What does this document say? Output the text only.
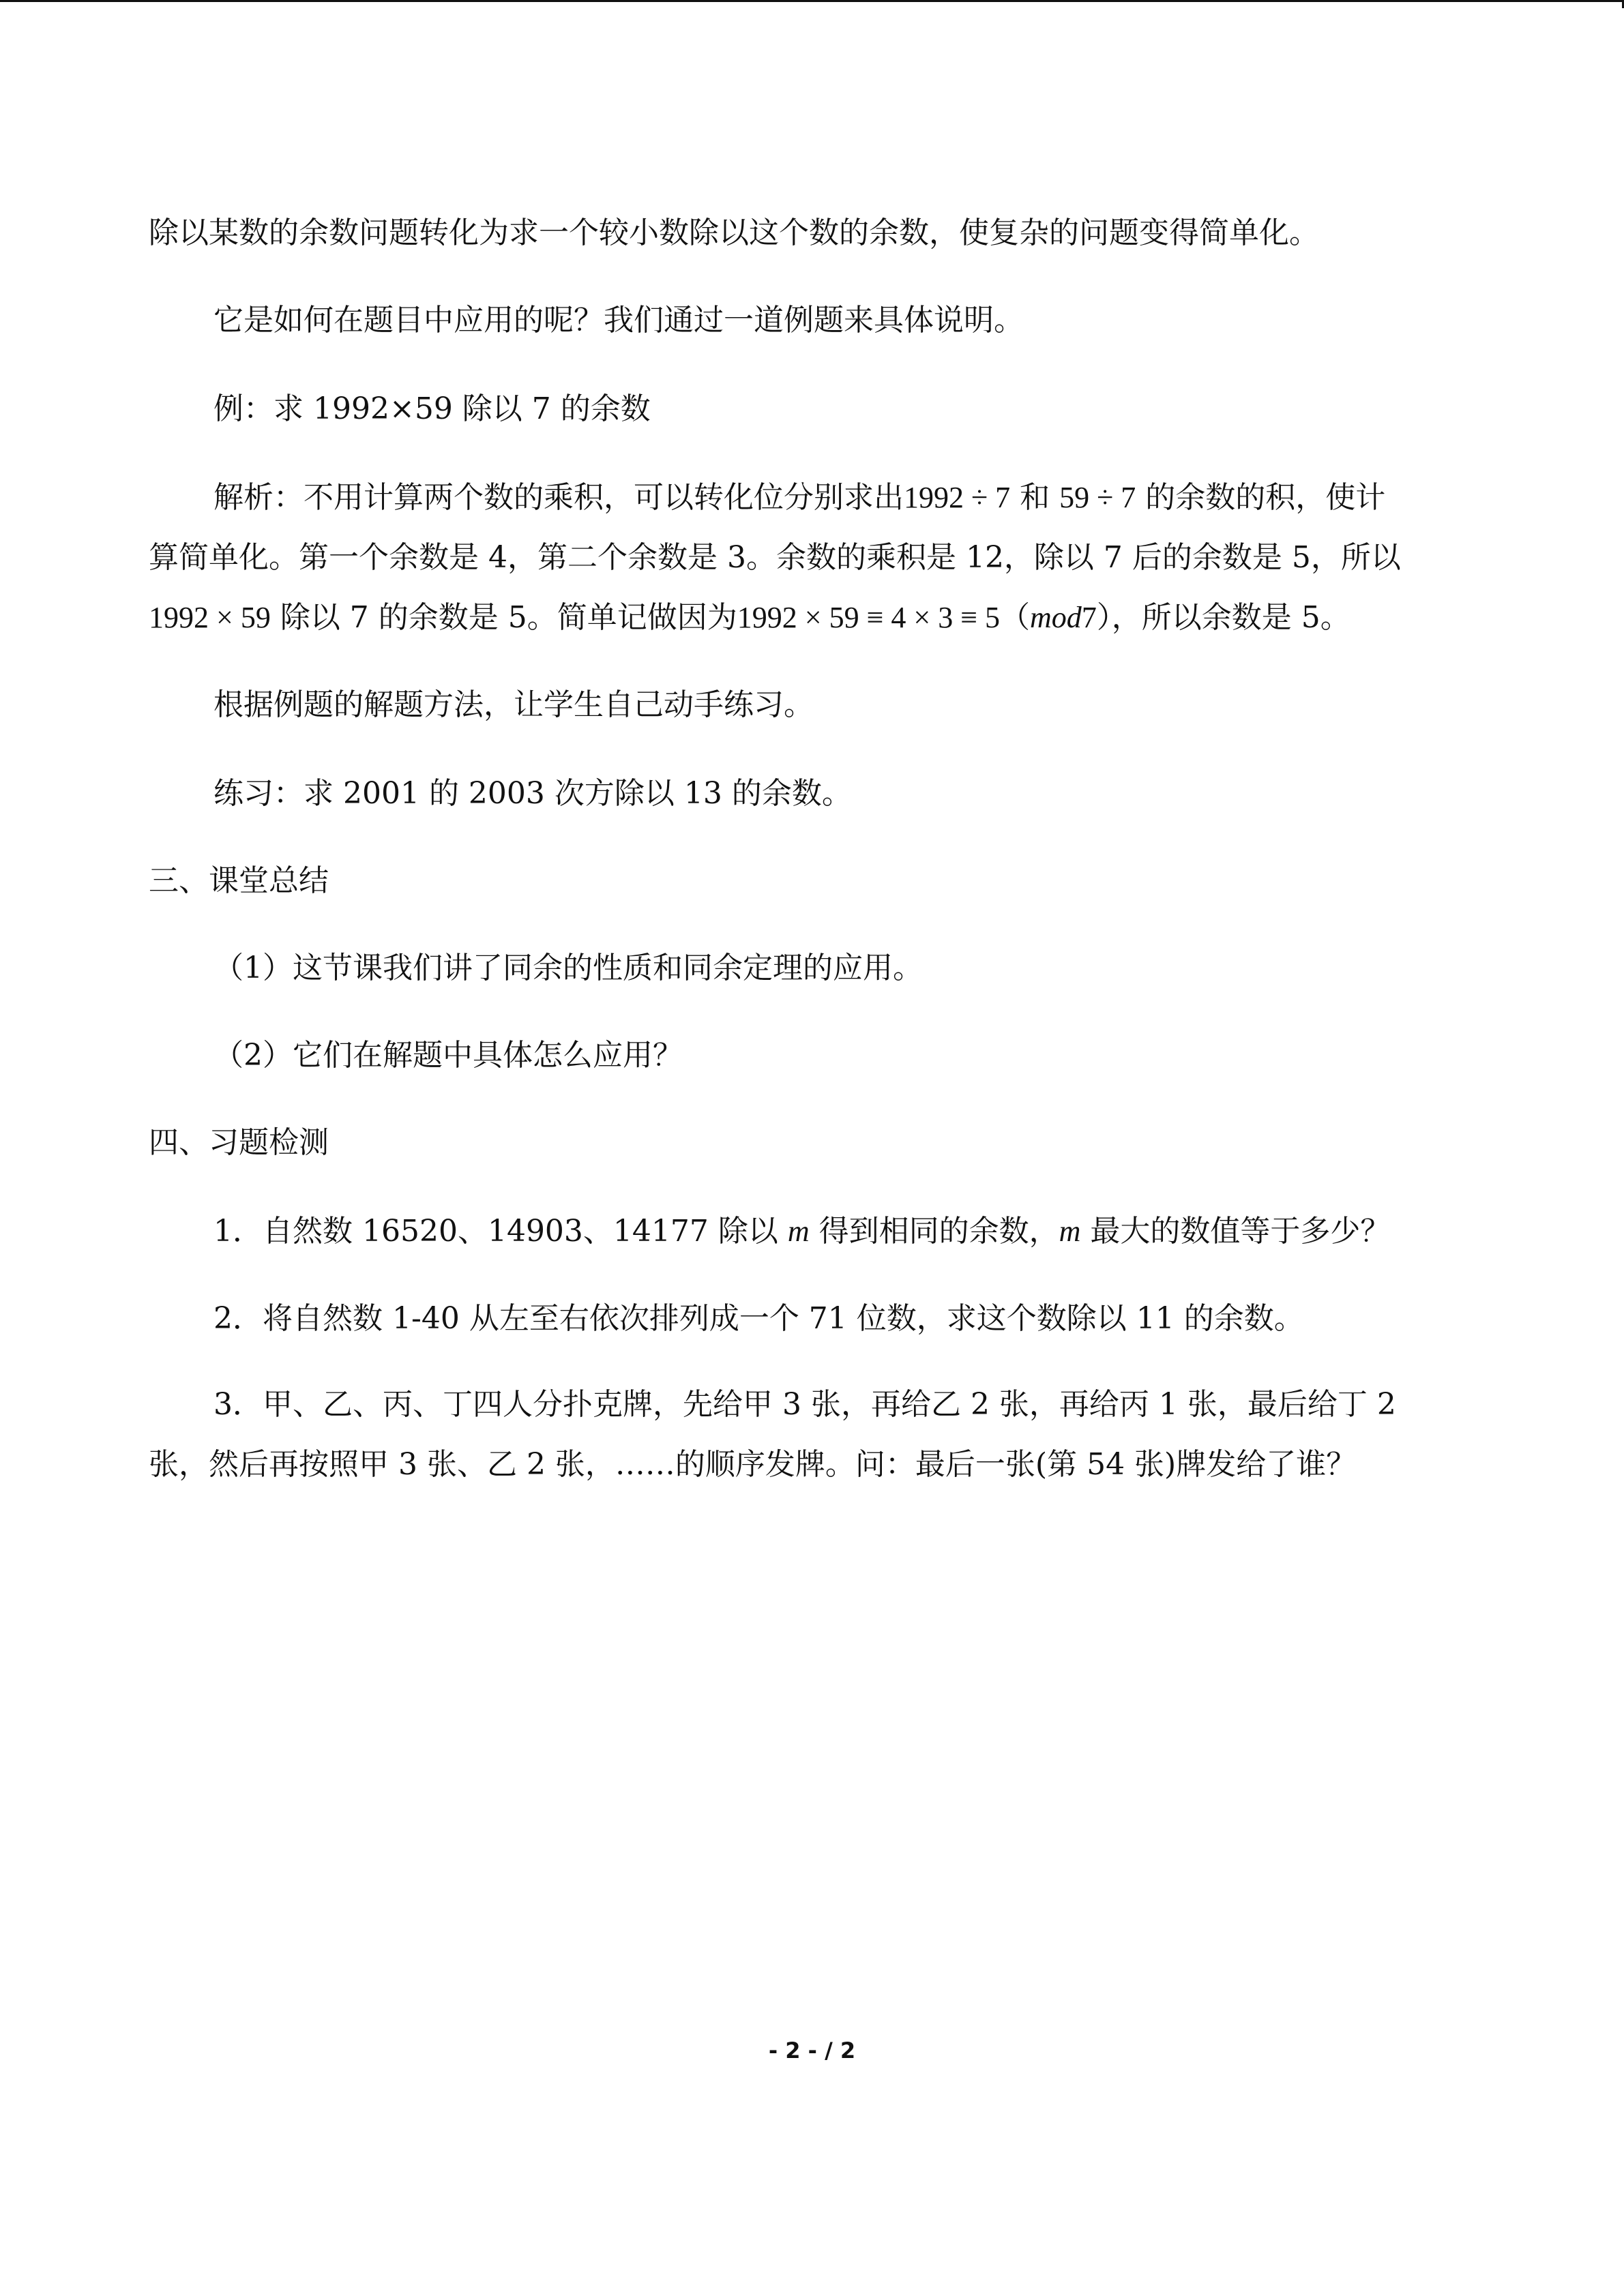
除以某数的余数问题转化为求一个较小数除以这个数的余数，使复杂的问题变得简单化。
它是如何在题目中应用的呢？我们通过一道例题来具体说明。
例：求 1992×59 除以 7 的余数
解析：不用计算两个数的乘积，可以转化位分别求出1992 ÷ 7 和 59 ÷ 7 的余数的积，使计
算简单化。第一个余数是 4，第二个余数是 3。余数的乘积是 12，除以 7 后的余数是 5，所以
1992 × 59 除以 7 的余数是 5。简单记做因为1992 × 59 ≡ 4 × 3 ≡ 5（mod7），所以余数是 5。
根据例题的解题方法，让学生自己动手练习。
练习：求 2001 的 2003 次方除以 13 的余数。
三、课堂总结
（1）这节课我们讲了同余的性质和同余定理的应用。
（2）它们在解题中具体怎么应用？
四、习题检测
1．自然数 16520、14903、14177 除以 m 得到相同的余数，m 最大的数值等于多少？
2．将自然数 1-40 从左至右依次排列成一个 71 位数，求这个数除以 11 的余数。
3．甲、乙、丙、丁四人分扑克牌，先给甲 3 张，再给乙 2 张，再给丙 1 张，最后给丁 2
张，然后再按照甲 3 张、乙 2 张，……的顺序发牌。问：最后一张(第 54 张)牌发给了谁？
- 2 - / 2
